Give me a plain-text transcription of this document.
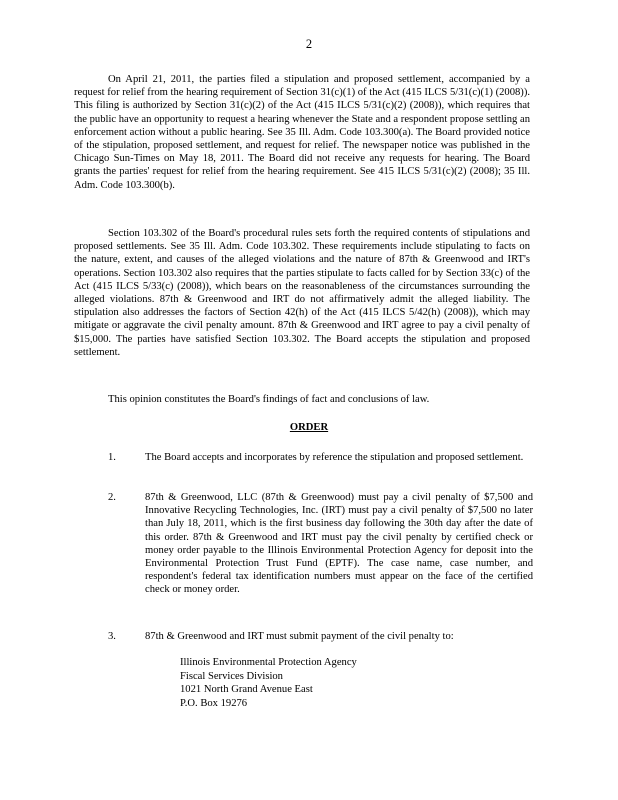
2

On April 21, 2011, the parties filed a stipulation and proposed settlement, accompanied by a request for relief from the hearing requirement of Section 31(c)(1) of the Act (415 ILCS 5/31(c)(1) (2008)). This filing is authorized by Section 31(c)(2) of the Act (415 ILCS 5/31(c)(2) (2008)), which requires that the public have an opportunity to request a hearing whenever the State and a respondent propose settling an enforcement action without a public hearing. See 35 Ill. Adm. Code 103.300(a). The Board provided notice of the stipulation, proposed settlement, and request for relief. The newspaper notice was published in the Chicago Sun-Times on May 18, 2011. The Board did not receive any requests for hearing. The Board grants the parties' request for relief from the hearing requirement. See 415 ILCS 5/31(c)(2) (2008); 35 Ill. Adm. Code 103.300(b).

Section 103.302 of the Board's procedural rules sets forth the required contents of stipulations and proposed settlements. See 35 Ill. Adm. Code 103.302. These requirements include stipulating to facts on the nature, extent, and causes of the alleged violations and the nature of 87th & Greenwood and IRT's operations. Section 103.302 also requires that the parties stipulate to facts called for by Section 33(c) of the Act (415 ILCS 5/33(c) (2008)), which bears on the reasonableness of the circumstances surrounding the alleged violations. 87th & Greenwood and IRT do not affirmatively admit the alleged liability. The stipulation also addresses the factors of Section 42(h) of the Act (415 ILCS 5/42(h) (2008)), which may mitigate or aggravate the civil penalty amount. 87th & Greenwood and IRT agree to pay a civil penalty of $15,000. The parties have satisfied Section 103.302. The Board accepts the stipulation and proposed settlement.

This opinion constitutes the Board's findings of fact and conclusions of law.

ORDER
1.	The Board accepts and incorporates by reference the stipulation and proposed settlement.
2.	87th & Greenwood, LLC (87th & Greenwood) must pay a civil penalty of $7,500 and Innovative Recycling Technologies, Inc. (IRT) must pay a civil penalty of $7,500 no later than July 18, 2011, which is the first business day following the 30th day after the date of this order. 87th & Greenwood and IRT must pay the civil penalty by certified check or money order payable to the Illinois Environmental Protection Agency for deposit into the Environmental Protection Trust Fund (EPTF). The case name, case number, and respondent's federal tax identification numbers must appear on the face of the certified check or money order.
3.	87th & Greenwood and IRT must submit payment of the civil penalty to:
Illinois Environmental Protection Agency
Fiscal Services Division
1021 North Grand Avenue East
P.O. Box 19276
